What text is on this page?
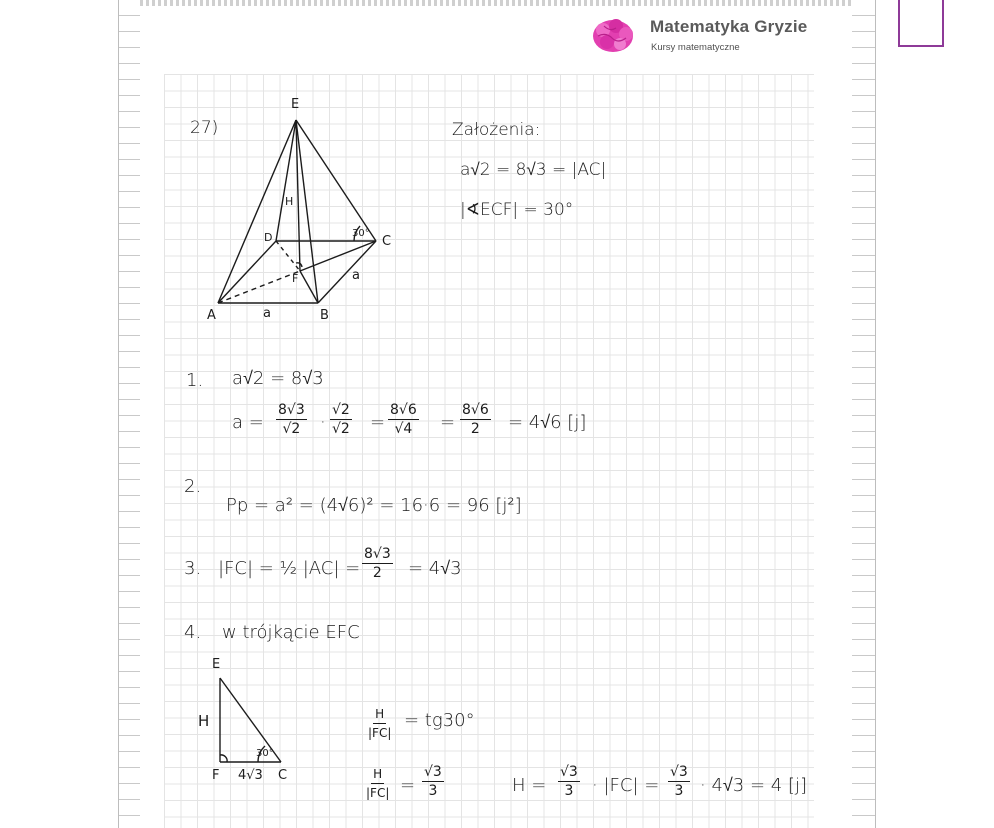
Matematyka Gryzie
Kursy matematyczne
27)
E
H
D	C
F
A	B
a
a
30°
Założenia:
a√2 = 8√3 = |AC|
|∢ECF| = 30°
1. a√2 = 8√3
$a = \frac{8√3}{√2} \cdot \frac{√2}{√2} = \frac{8√6}{√4} = \frac{8√6}{2} = 4√6$ [j]
2.
Pp = a² = (4√6)² = 16·6 = 96 [j²]
3. |FC| = ½ $|AC| = \frac{8√3}{2} = 4√3$
4. w trójkącie EFC
E
H
F 4√3 C
30°
$\frac{H}{|FC|} = tg30^\circ$
$\frac{H}{|FC|} = \frac{√3}{3}$	$H = \frac{√3}{3} \cdot |FC| = \frac{√3}{3} \cdot 4√3 = 4$ [j]
